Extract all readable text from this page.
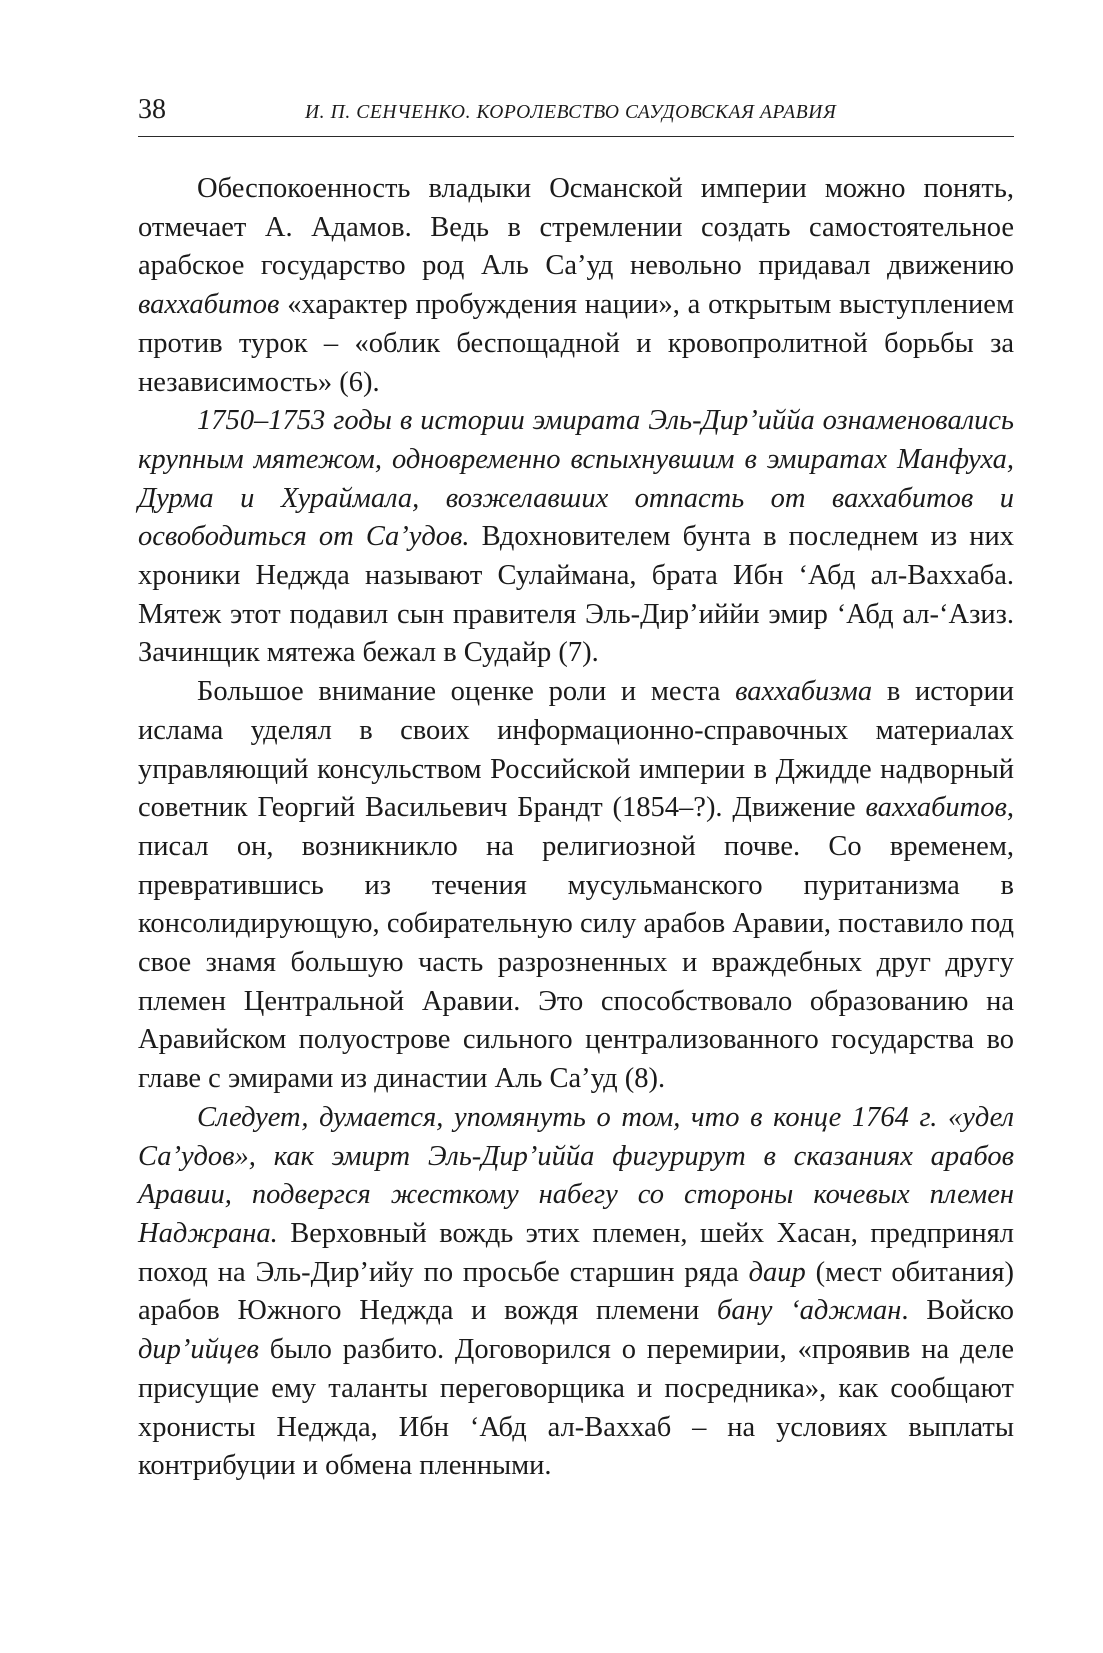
38	И. П. СЕНЧЕНКО. КОРОЛЕВСТВО САУДОВСКАЯ АРАВИЯ

Обеспокоенность владыки Османской империи можно понять, отмечает А. Адамов. Ведь в стремлении создать самостоятельное арабское государство род Аль Са’уд невольно придавал движению ваххабитов «характер пробуждения нации», а открытым выступлением против турок – «облик беспощадной и кровопролитной борьбы за независимость» (6).

1750–1753 годы в истории эмирата Эль-Дир’иййа ознаменовались крупным мятежом, одновременно вспыхнувшим в эмиратах Манфуха, Дурма и Хураймала, возжелавших отпасть от ваххабитов и освободиться от Са’удов. Вдохновителем бунта в последнем из них хроники Неджда называют Сулаймана, брата Ибн ‘Абд ал-Ваххаба. Мятеж этот подавил сын правителя Эль-Дир’иййи эмир ‘Абд ал-‘Азиз. Зачинщик мятежа бежал в Судайр (7).

Большое внимание оценке роли и места ваххабизма в истории ислама уделял в своих информационно-справочных материалах управляющий консульством Российской империи в Джидде надворный советник Георгий Васильевич Брандт (1854–?). Движение ваххабитов, писал он, возникникло на религиозной почве. Со временем, превратившись из течения мусульманского пуританизма в консолидирующую, собирательную силу арабов Аравии, поставило под свое знамя большую часть разрозненных и враждебных друг другу племен Центральной Аравии. Это способствовало образованию на Аравийском полуострове сильного централизованного государства во главе с эмирами из династии Аль Са’уд (8).

Следует, думается, упомянуть о том, что в конце 1764 г. «удел Са’удов», как эмирт Эль-Дир’иййа фигурирут в сказаниях арабов Аравии, подвергся жесткому набегу со стороны кочевых племен Наджрана. Верховный вождь этих племен, шейх Хасан, предпринял поход на Эль-Дир’ийу по просьбе старшин ряда даир (мест обитания) арабов Южного Неджда и вождя племени бану ‘аджман. Войско дир’ийцев было разбито. Договорился о перемирии, «проявив на деле присущие ему таланты переговорщика и посредника», как сообщают хронисты Неджда, Ибн ‘Абд ал-Ваххаб – на условиях выплаты контрибуции и обмена пленными.
